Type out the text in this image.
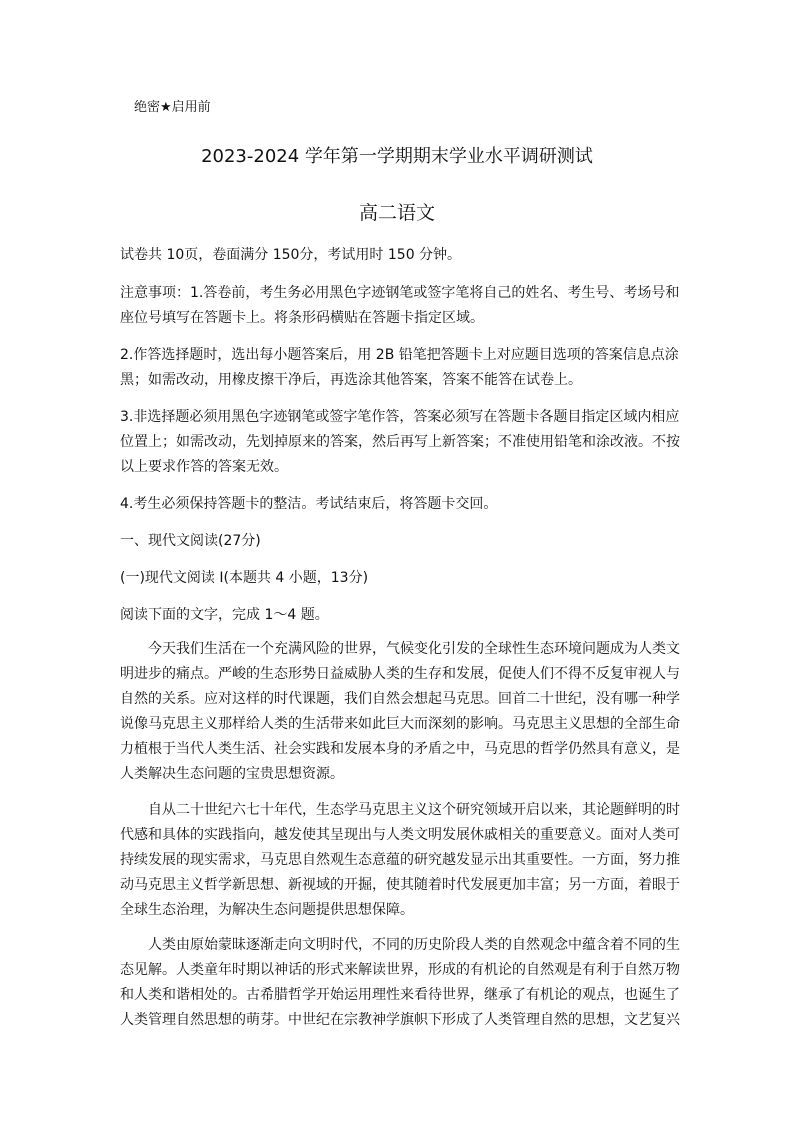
绝密★启用前
2023-2024 学年第一学期期末学业水平调研测试
高二语文
试卷共 10页，卷面满分 150分，考试用时 150 分钟。
注意事项：1.答卷前，考生务必用黑色字迹钢笔或签字笔将自己的姓名、考生号、考场号和
座位号填写在答题卡上。将条形码横贴在答题卡指定区域。
2.作答选择题时，选出每小题答案后，用 2B 铅笔把答题卡上对应题目选项的答案信息点涂
黑；如需改动，用橡皮擦干净后，再选涂其他答案，答案不能答在试卷上。
3.非选择题必须用黑色字迹钢笔或签字笔作答，答案必须写在答题卡各题目指定区域内相应
位置上；如需改动，先划掉原来的答案，然后再写上新答案；不准使用铅笔和涂改液。不按
以上要求作答的答案无效。
4.考生必须保持答题卡的整洁。考试结束后，将答题卡交回。
一、现代文阅读(27分)
(一)现代文阅读 I(本题共 4 小题，13分)
阅读下面的文字，完成 1～4 题。
今天我们生活在一个充满风险的世界，气候变化引发的全球性生态环境问题成为人类文
明进步的痛点。严峻的生态形势日益威胁人类的生存和发展，促使人们不得不反复审视人与
自然的关系。应对这样的时代课题，我们自然会想起马克思。回首二十世纪，没有哪一种学
说像马克思主义那样给人类的生活带来如此巨大而深刻的影响。马克思主义思想的全部生命
力植根于当代人类生活、社会实践和发展本身的矛盾之中，马克思的哲学仍然具有意义，是
人类解决生态问题的宝贵思想资源。
自从二十世纪六七十年代，生态学马克思主义这个研究领域开启以来，其论题鲜明的时
代感和具体的实践指向，越发使其呈现出与人类文明发展休戚相关的重要意义。面对人类可
持续发展的现实需求，马克思自然观生态意蕴的研究越发显示出其重要性。一方面，努力推
动马克思主义哲学新思想、新视域的开掘，使其随着时代发展更加丰富；另一方面，着眼于
全球生态治理，为解决生态问题提供思想保障。
人类由原始蒙昧逐渐走向文明时代，不同的历史阶段人类的自然观念中蕴含着不同的生
态见解。人类童年时期以神话的形式来解读世界，形成的有机论的自然观是有利于自然万物
和人类和谐相处的。古希腊哲学开始运用理性来看待世界，继承了有机论的观点，也诞生了
人类管理自然思想的萌芽。中世纪在宗教神学旗帜下形成了人类管理自然的思想，文艺复兴
